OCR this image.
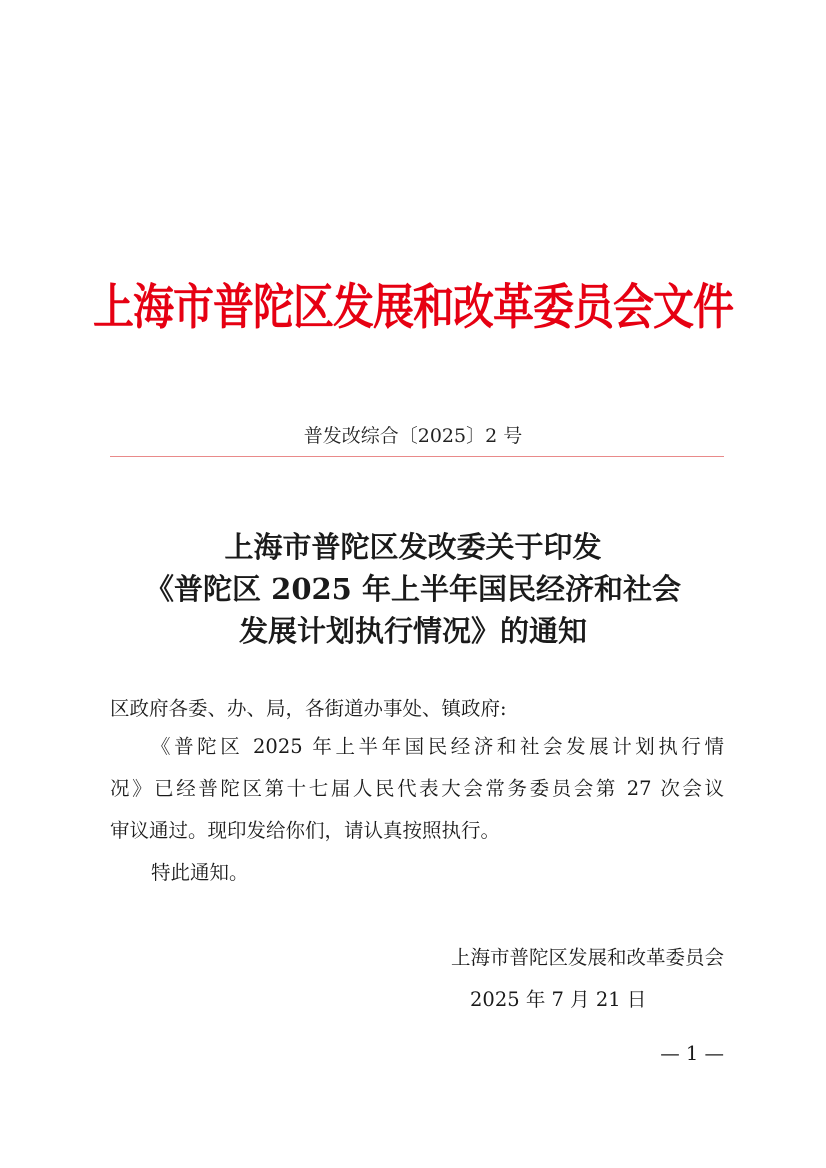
上海市普陀区发展和改革委员会文件
普发改综合〔2025〕2 号
上海市普陀区发改委关于印发
《普陀区 2025 年上半年国民经济和社会
发展计划执行情况》的通知
区政府各委、办、局，各街道办事处、镇政府:
《普陀区 2025 年上半年国民经济和社会发展计划执行情
况》已经普陀区第十七届人民代表大会常务委员会第 27 次会议
审议通过。现印发给你们，请认真按照执行。
特此通知。
上海市普陀区发展和改革委员会
2025 年 7 月 21 日
— 1 —
